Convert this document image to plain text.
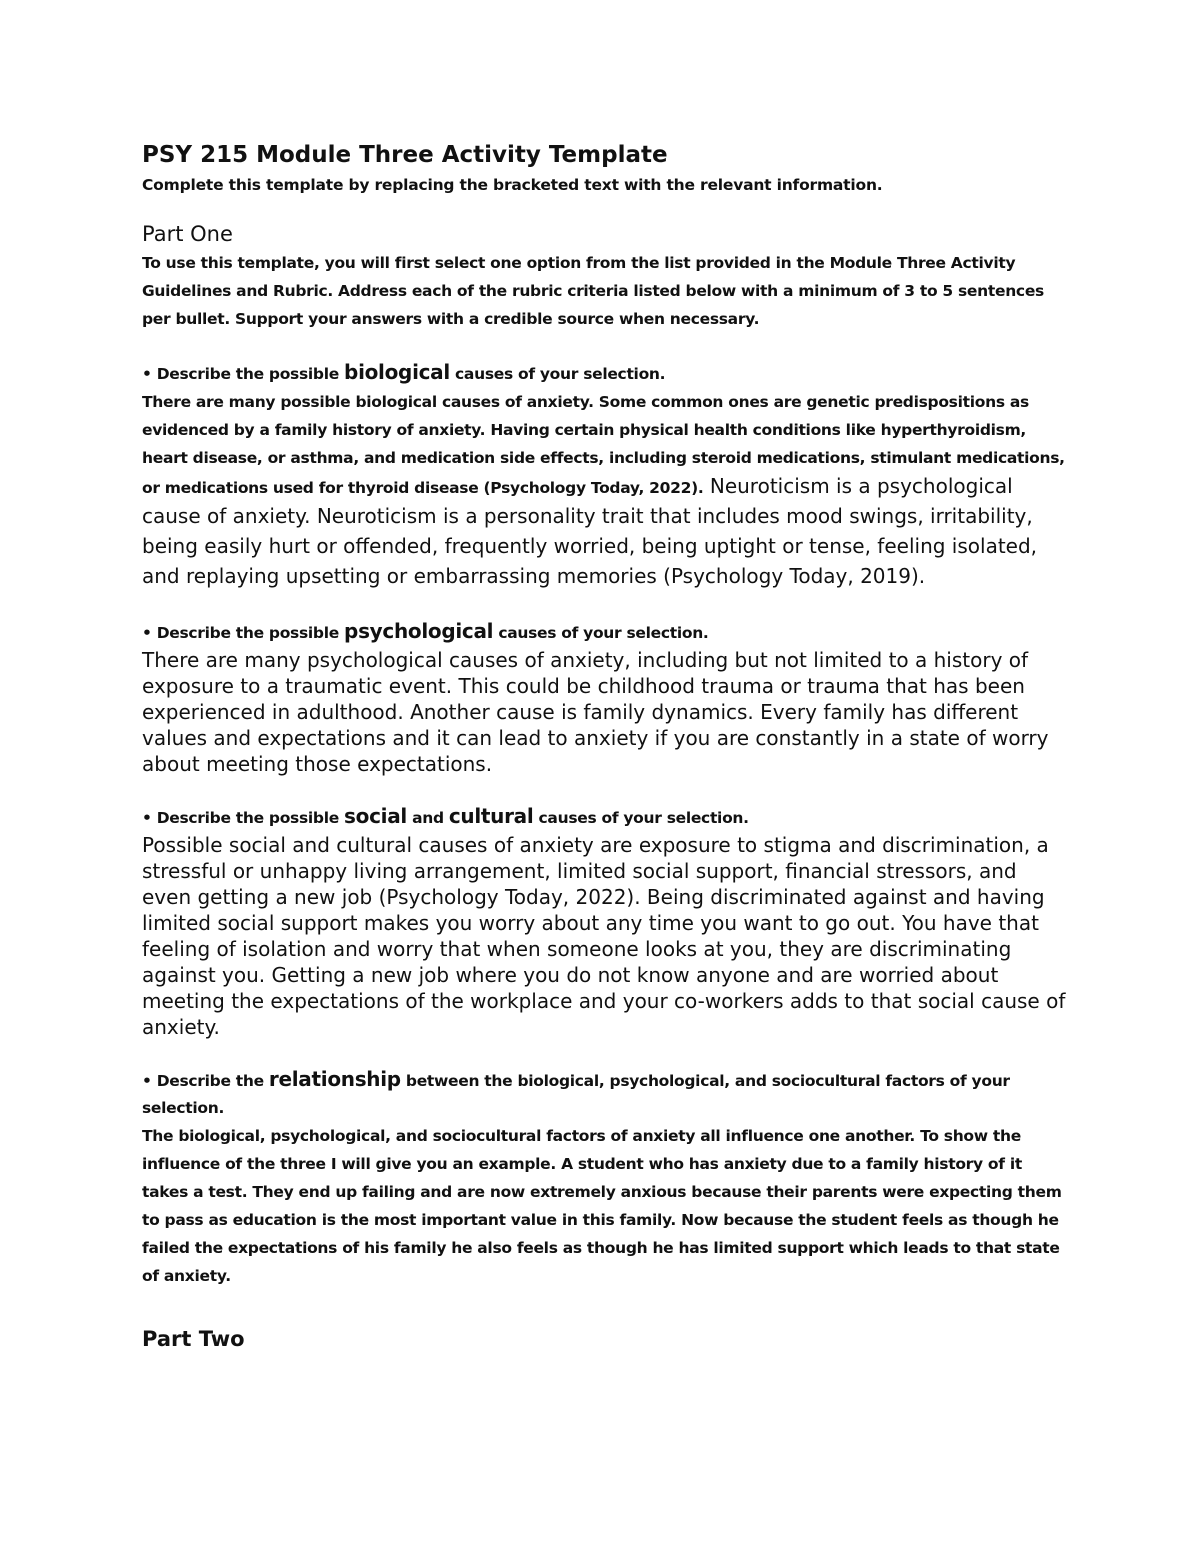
PSY 215 Module Three Activity Template

Complete this template by replacing the bracketed text with the relevant information.

Part One

To use this template, you will first select one option from the list provided in the Module Three Activity Guidelines and Rubric. Address each of the rubric criteria listed below with a minimum of 3 to 5 sentences per bullet. Support your answers with a credible source when necessary.

• Describe the possible biological causes of your selection.

There are many possible biological causes of anxiety. Some common ones are genetic predispositions as evidenced by a family history of anxiety. Having certain physical health conditions like hyperthyroidism, heart disease, or asthma, and medication side effects, including steroid medications, stimulant medications, or medications used for thyroid disease (Psychology Today, 2022). Neuroticism is a psychological cause of anxiety. Neuroticism is a personality trait that includes mood swings, irritability, being easily hurt or offended, frequently worried, being uptight or tense, feeling isolated, and replaying upsetting or embarrassing memories (Psychology Today, 2019).

• Describe the possible psychological causes of your selection.

There are many psychological causes of anxiety, including but not limited to a history of exposure to a traumatic event. This could be childhood trauma or trauma that has been experienced in adulthood. Another cause is family dynamics. Every family has different values and expectations and it can lead to anxiety if you are constantly in a state of worry about meeting those expectations.

• Describe the possible social and cultural causes of your selection.

Possible social and cultural causes of anxiety are exposure to stigma and discrimination, a stressful or unhappy living arrangement, limited social support, financial stressors, and even getting a new job (Psychology Today, 2022). Being discriminated against and having limited social support makes you worry about any time you want to go out. You have that feeling of isolation and worry that when someone looks at you, they are discriminating against you. Getting a new job where you do not know anyone and are worried about meeting the expectations of the workplace and your co-workers adds to that social cause of anxiety.

• Describe the relationship between the biological, psychological, and sociocultural factors of your selection.

The biological, psychological, and sociocultural factors of anxiety all influence one another. To show the influence of the three I will give you an example. A student who has anxiety due to a family history of it takes a test. They end up failing and are now extremely anxious because their parents were expecting them to pass as education is the most important value in this family. Now because the student feels as though he failed the expectations of his family he also feels as though he has limited support which leads to that state of anxiety.

Part Two
